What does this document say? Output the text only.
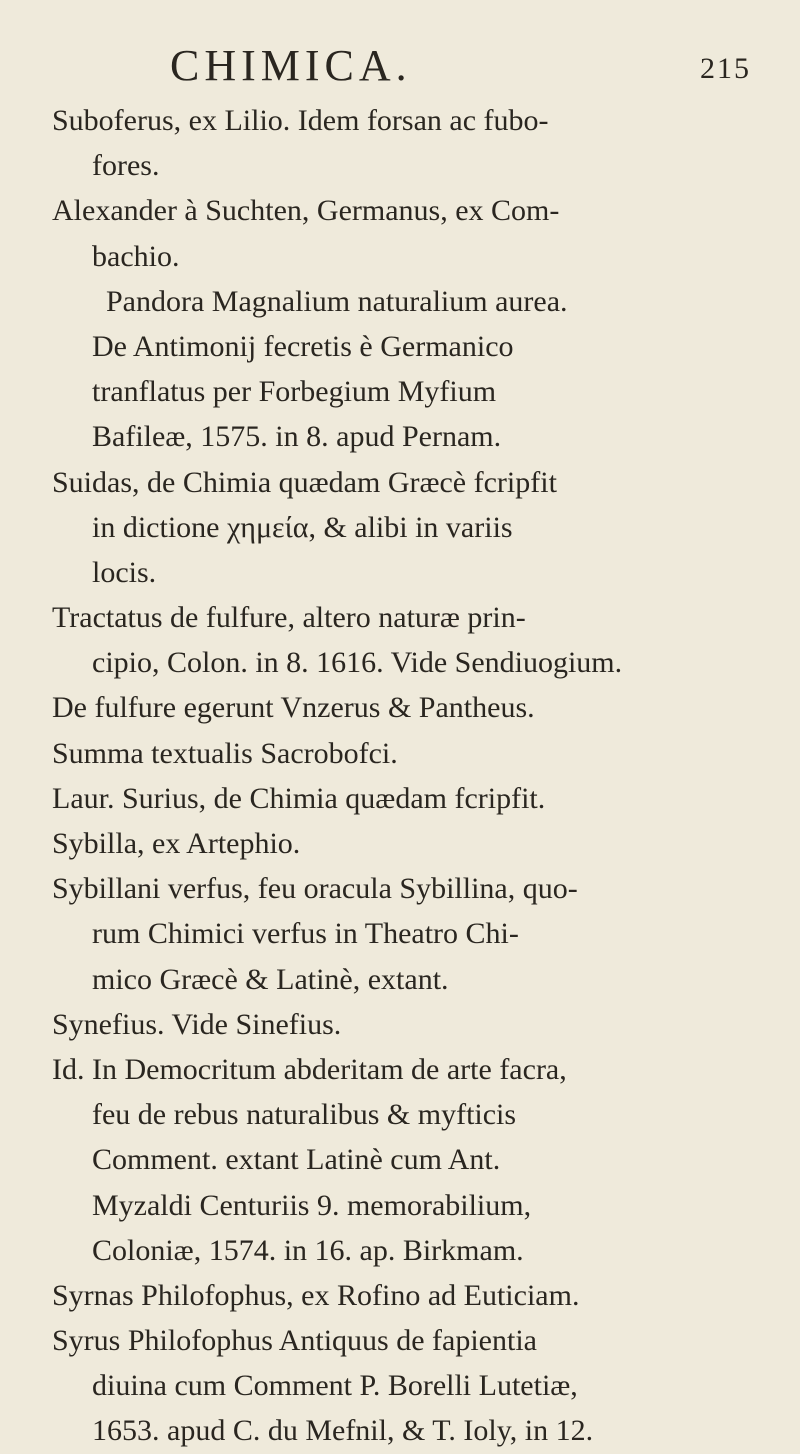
CHIMICA.	215
Suboferus, ex Lilio. Idem forsan ac fubo-
fores.
Alexander à Suchten, Germanus, ex Com-
bachio.
Pandora Magnalium naturalium aurea.
De Antimonij fecretis è Germanico
tranflatus per Forbegium Myfium
Bafileæ, 1575. in 8. apud Pernam.
Suidas, de Chimia quædam Græcè fcripfit
in dictione χημεία, & alibi in variis
locis.
Tractatus de fulfure, altero naturæ prin-
cipio, Colon. in 8. 1616. Vide Sendiuogium.
De fulfure egerunt Vnzerus & Pantheus.
Summa textualis Sacrobofci.
Laur. Surius, de Chimia quædam fcripfit.
Sybilla, ex Artephio.
Sybillani verfus, feu oracula Sybillina, quo-
rum Chimici verfus in Theatro Chi-
mico Græcè & Latinè, extant.
Synefius. Vide Sinefius.
Id. In Democritum abderitam de arte facra,
feu de rebus naturalibus & myfticis
Comment. extant Latinè cum Ant.
Myzaldi Centuriis 9. memorabilium,
Coloniæ, 1574. in 16. ap. Birkmam.
Syrnas Philofophus, ex Rofino ad Euticiam.
Syrus Philofophus Antiquus de fapientia
diuina cum Comment P. Borelli Lutetiæ,
1653. apud C. du Mefnil, & T. Ioly, in 12.
